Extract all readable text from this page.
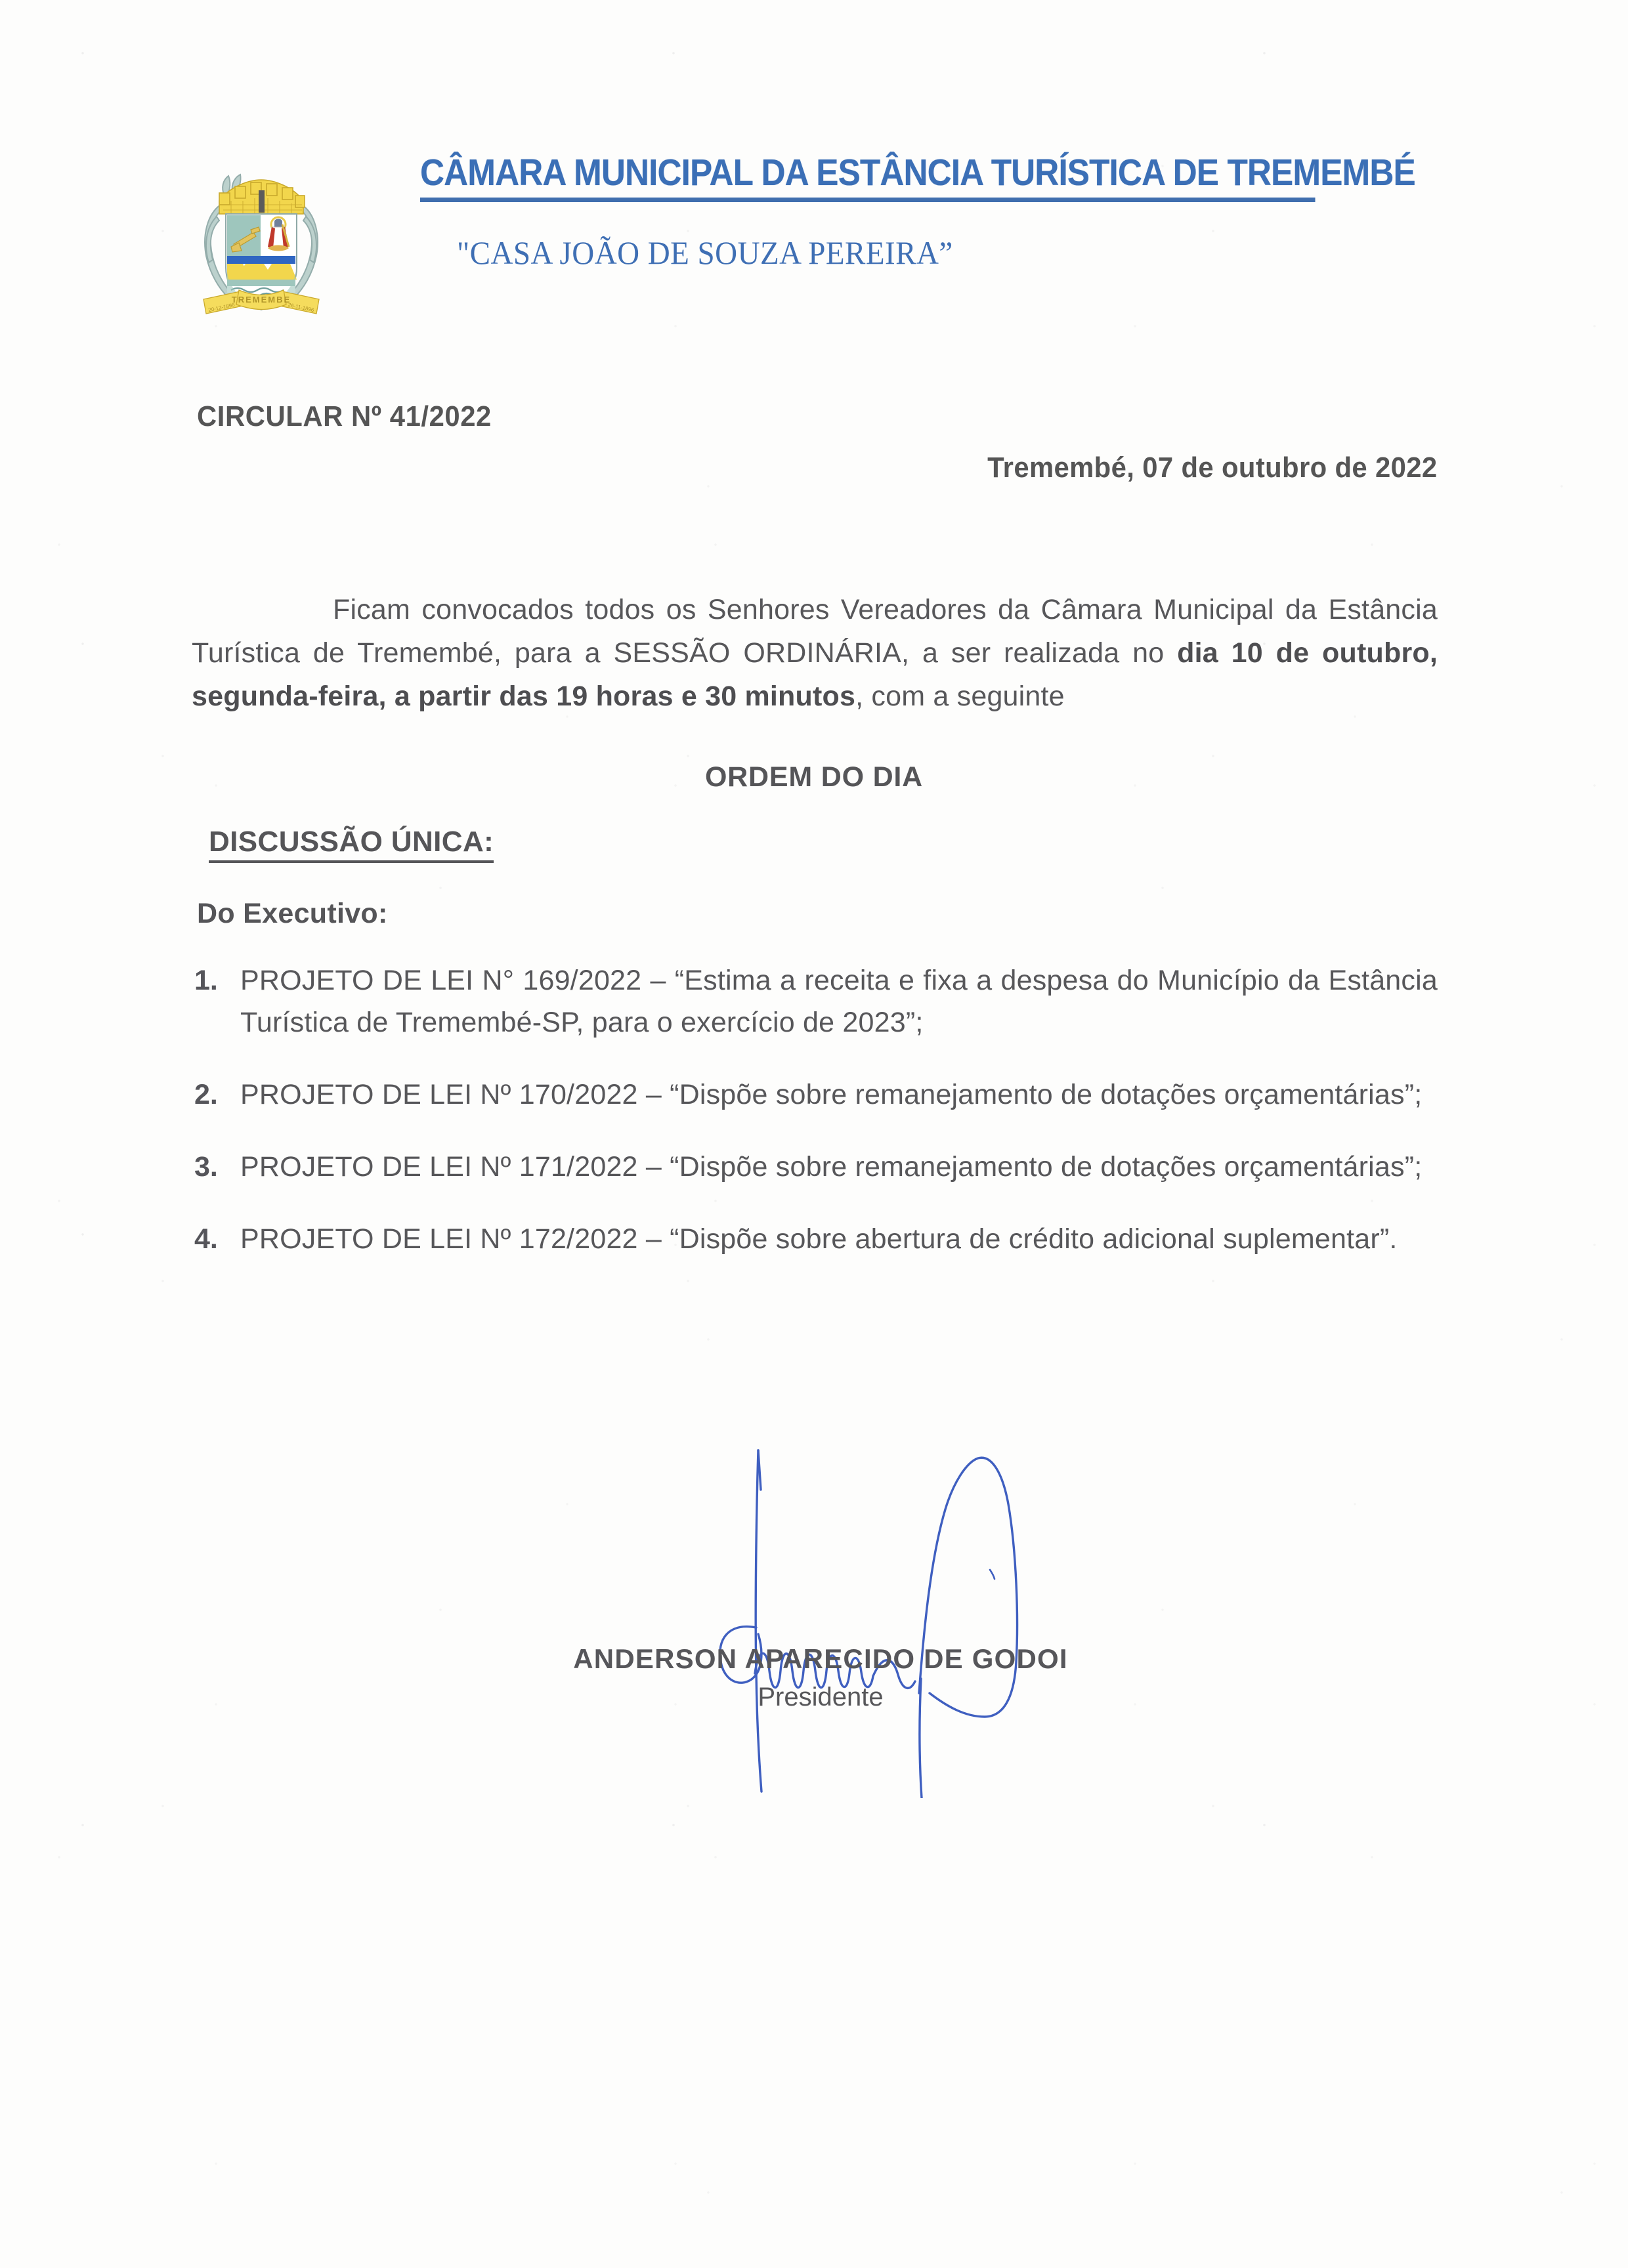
TREMEMBE
20-12-1896	26-11-1896
CÂMARA MUNICIPAL DA ESTÂNCIA TURÍSTICA DE TREMEMBÉ
"CASA JOÃO DE SOUZA PEREIRA”
CIRCULAR Nº 41/2022
Tremembé, 07 de outubro de 2022

Ficam convocados todos os Senhores Vereadores da Câmara Municipal da Estância Turística de Tremembé, para a SESSÃO ORDINÁRIA, a ser realizada no dia 10 de outubro, segunda-feira, a partir das 19 horas e 30 minutos, com a seguinte

ORDEM DO DIA
DISCUSSÃO ÚNICA:
Do Executivo:
1. PROJETO DE LEI N° 169/2022 – “Estima a receita e fixa a despesa do Município da Estância Turística de Tremembé-SP, para o exercício de 2023”;
2. PROJETO DE LEI Nº 170/2022 – “Dispõe sobre remanejamento de dotações orçamentárias”;
3. PROJETO DE LEI Nº 171/2022 – “Dispõe sobre remanejamento de dotações orçamentárias”;
4. PROJETO DE LEI Nº 172/2022 – “Dispõe sobre abertura de crédito adicional suplementar”.
ANDERSON APARECIDO DE GODOI
Presidente
